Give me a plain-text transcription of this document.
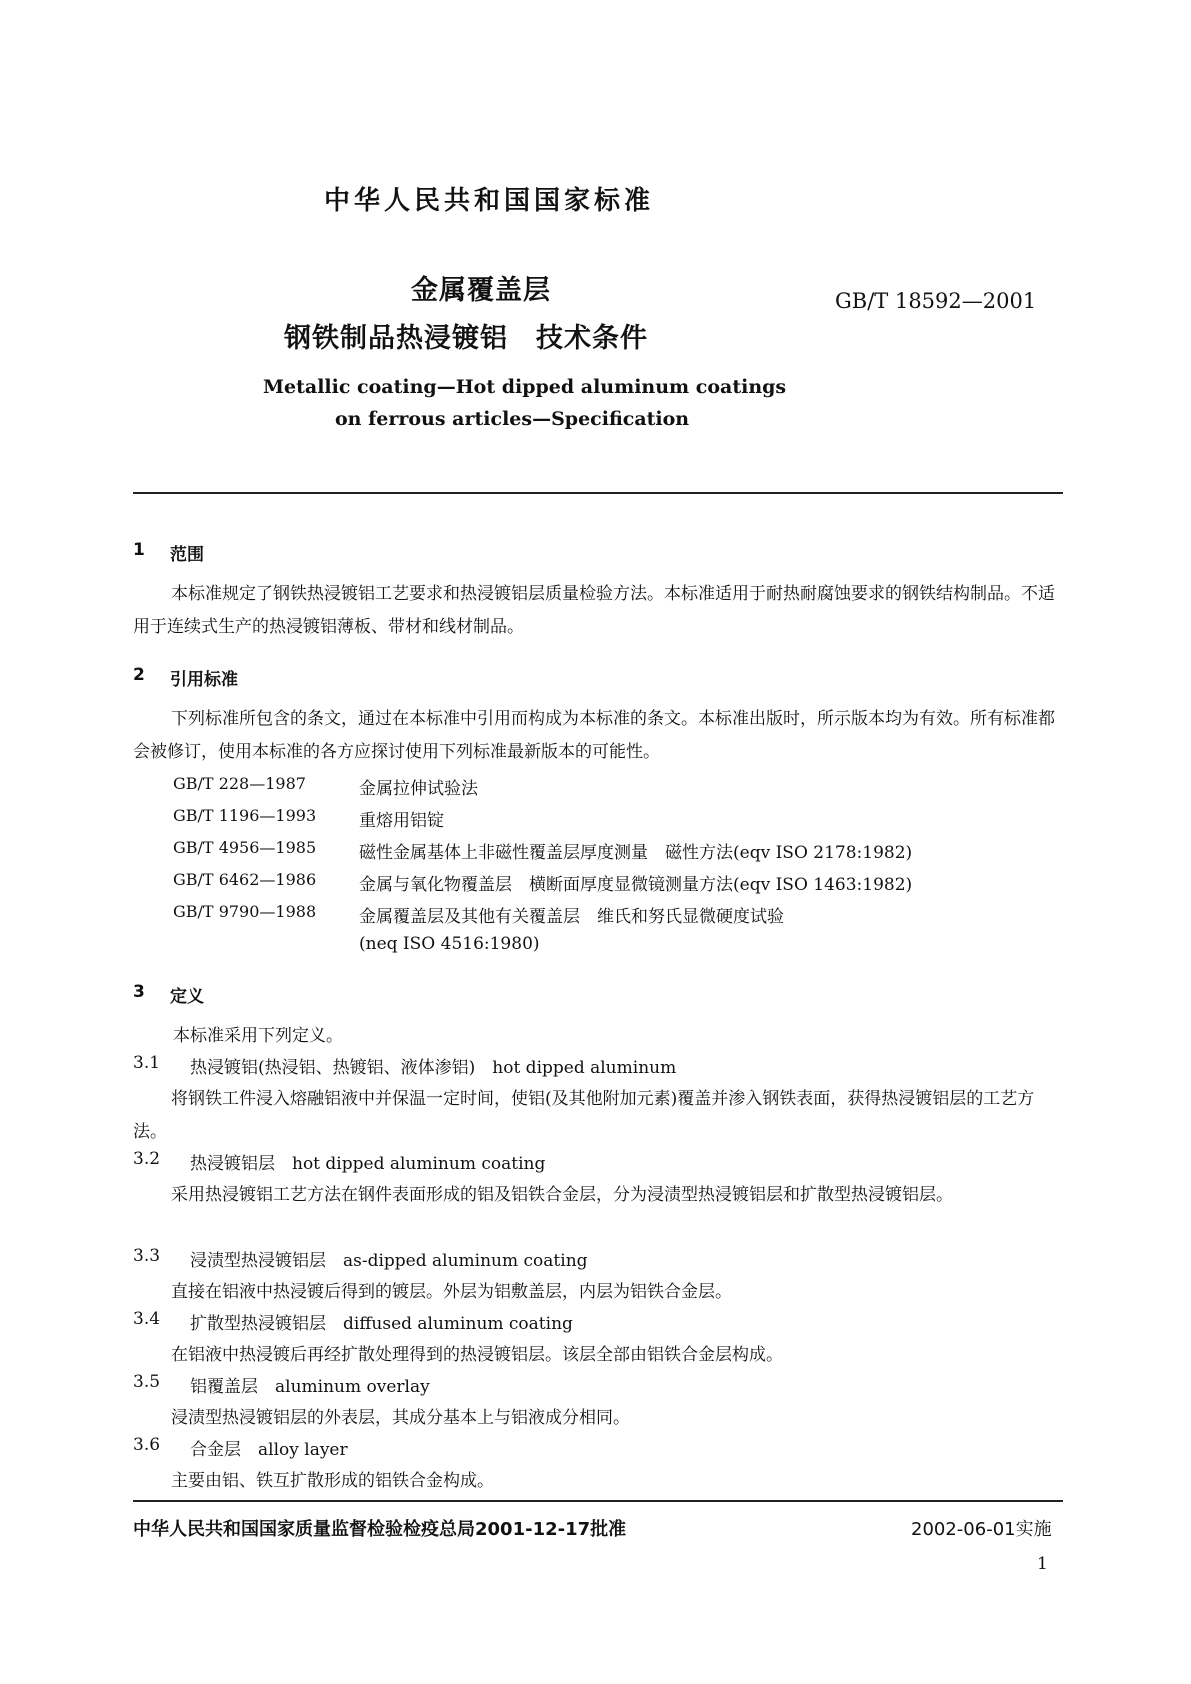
中华人民共和国国家标准
金属覆盖层
钢铁制品热浸镀铝　技术条件
GB/T 18592—2001
Metallic coating—Hot dipped aluminum coatings
on ferrous articles—Specification
1 范围
本标准规定了钢铁热浸镀铝工艺要求和热浸镀铝层质量检验方法。本标准适用于耐热耐腐蚀要求的钢铁结构制品。不适用于连续式生产的热浸镀铝薄板、带材和线材制品。
2 引用标准
下列标准所包含的条文，通过在本标准中引用而构成为本标准的条文。本标准出版时，所示版本均为有效。所有标准都会被修订，使用本标准的各方应探讨使用下列标准最新版本的可能性。
GB/T 228—1987	金属拉伸试验法
GB/T 1196—1993	重熔用铝锭
GB/T 4956—1985	磁性金属基体上非磁性覆盖层厚度测量　磁性方法(eqv ISO 2178:1982)
GB/T 6462—1986	金属与氧化物覆盖层　横断面厚度显微镜测量方法(eqv ISO 1463:1982)
GB/T 9790—1988	金属覆盖层及其他有关覆盖层　维氏和努氏显微硬度试验
(neq ISO 4516:1980)
3 定义
本标准采用下列定义。
3.1 热浸镀铝(热浸铝、热镀铝、液体渗铝)　hot dipped aluminum
将钢铁工件浸入熔融铝液中并保温一定时间，使铝(及其他附加元素)覆盖并渗入钢铁表面，获得热浸镀铝层的工艺方法。
3.2 热浸镀铝层　hot dipped aluminum coating
采用热浸镀铝工艺方法在钢件表面形成的铝及铝铁合金层，分为浸渍型热浸镀铝层和扩散型热浸镀铝层。
3.3 浸渍型热浸镀铝层　as-dipped aluminum coating
直接在铝液中热浸镀后得到的镀层。外层为铝敷盖层，内层为铝铁合金层。
3.4 扩散型热浸镀铝层　diffused aluminum coating
在铝液中热浸镀后再经扩散处理得到的热浸镀铝层。该层全部由铝铁合金层构成。
3.5 铝覆盖层　aluminum overlay
浸渍型热浸镀铝层的外表层，其成分基本上与铝液成分相同。
3.6 合金层　alloy layer
主要由铝、铁互扩散形成的铝铁合金构成。
中华人民共和国国家质量监督检验检疫总局2001-12-17批准	2002-06-01实施
1
